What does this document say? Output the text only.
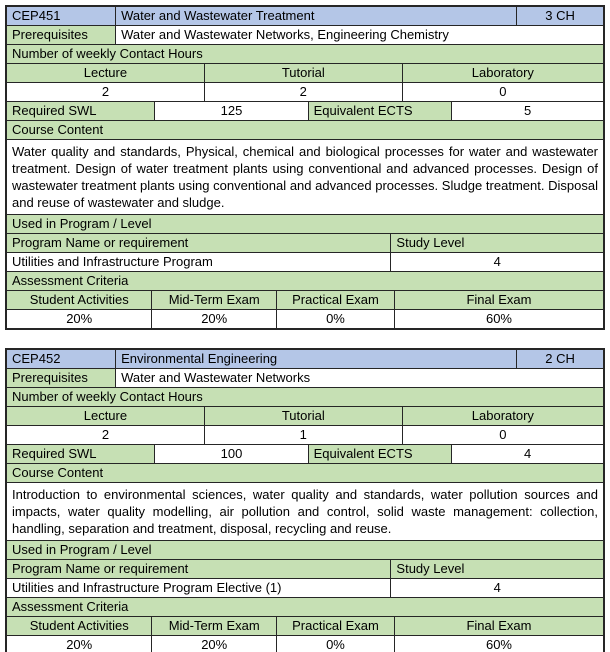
CEP451	Water and Wastewater Treatment	3 CH
Prerequisites	Water and Wastewater Networks, Engineering Chemistry
Number of weekly Contact Hours
Lecture	Tutorial	Laboratory
2	2	0
Required SWL	125	Equivalent ECTS	5
Course Content
Water quality and standards, Physical, chemical and biological processes for water and wastewater treatment. Design of water treatment plants using conventional and advanced processes. Design of wastewater treatment plants using conventional and advanced processes. Sludge treatment. Disposal and reuse of wastewater and sludge.
Used in Program / Level
Program Name or requirement	Study Level
Utilities and Infrastructure Program	4
Assessment Criteria
Student Activities	Mid-Term Exam	Practical Exam	Final Exam
20%	20%	0%	60%
CEP452	Environmental Engineering	2 CH
Prerequisites	Water and Wastewater Networks
Number of weekly Contact Hours
Lecture	Tutorial	Laboratory
2	1	0
Required SWL	100	Equivalent ECTS	4
Course Content
Introduction to environmental sciences, water quality and standards, water pollution sources and impacts, water quality modelling, air pollution and control, solid waste management: collection, handling, separation and treatment, disposal, recycling and reuse.
Used in Program / Level
Program Name or requirement	Study Level
Utilities and Infrastructure Program Elective (1)	4
Assessment Criteria
Student Activities	Mid-Term Exam	Practical Exam	Final Exam
20%	20%	0%	60%
